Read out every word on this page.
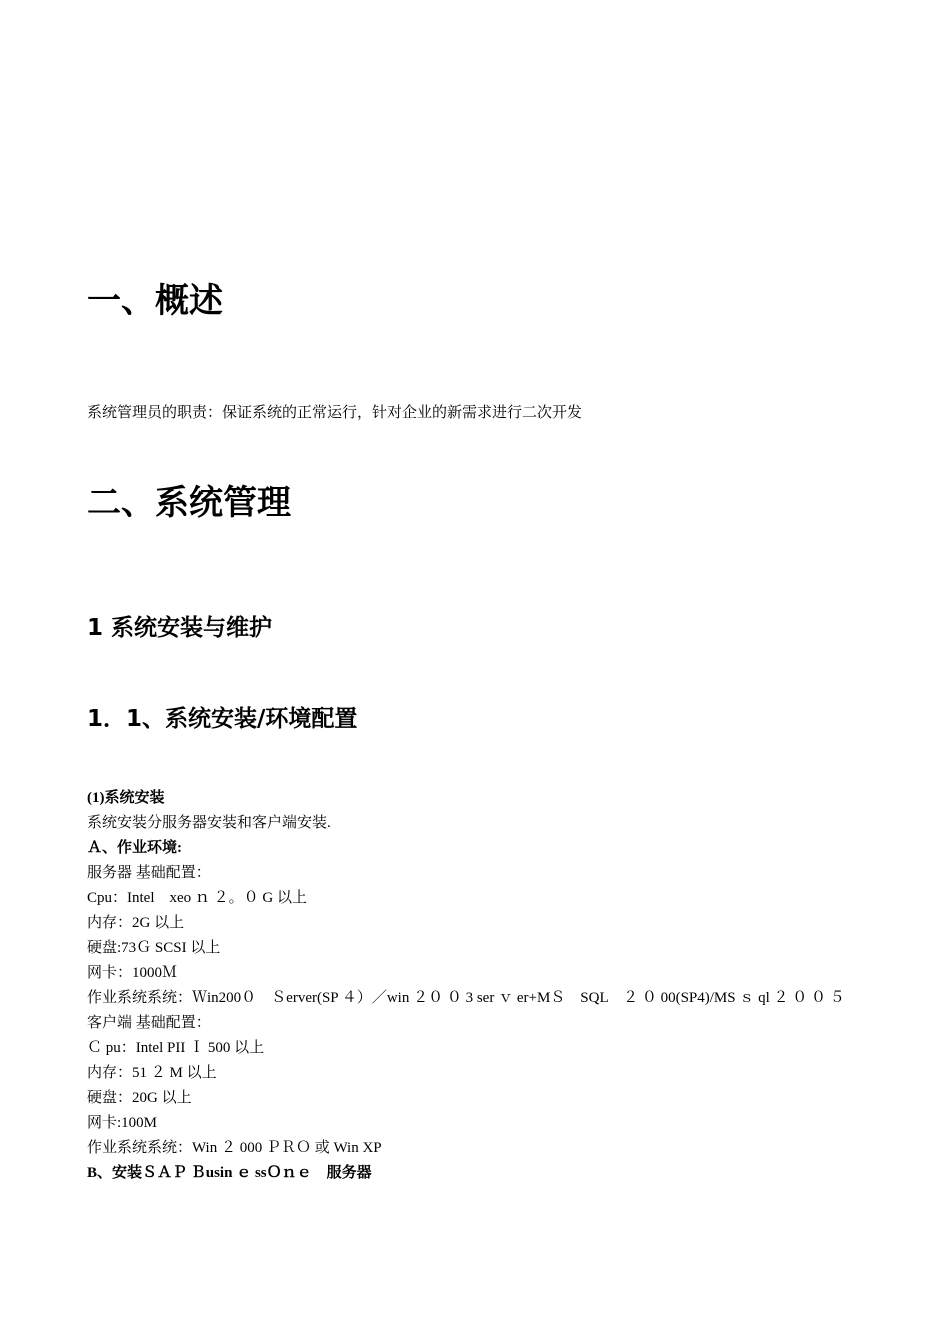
一、概述

系统管理员的职责：保证系统的正常运行，针对企业的新需求进行二次开发

二、系统管理
1 系统安装与维护
1．1、系统安装/环境配置
(1)系统安装
系统安装分服务器安装和客户端安装.
Ａ、作业环境:
服务器 基础配置：
Cpu：Intel　xeo ｎ ２。０ G 以上
内存：2G 以上
硬盘:73Ｇ SCSI 以上
网卡：1000Ｍ
作业系统系统：Ｗin200０　Ｓerver(SP ４）／win ２０ ０ 3 ser ｖ er+MＳ　SQL　２ ０ 00(SP4)/MS ｓ ql ２ ０ ０ ５
客户端 基础配置：
Ｃ pu：Intel PII Ｉ 500 以上
内存：51 ２ M 以上
硬盘：20G 以上
网卡:100M
作业系统系统：Win ２ 000 ＰＲＯ 或 Win XP
B、安装ＳＡＰ Ｂusin ｅ ssＯｎｅ　服务器
